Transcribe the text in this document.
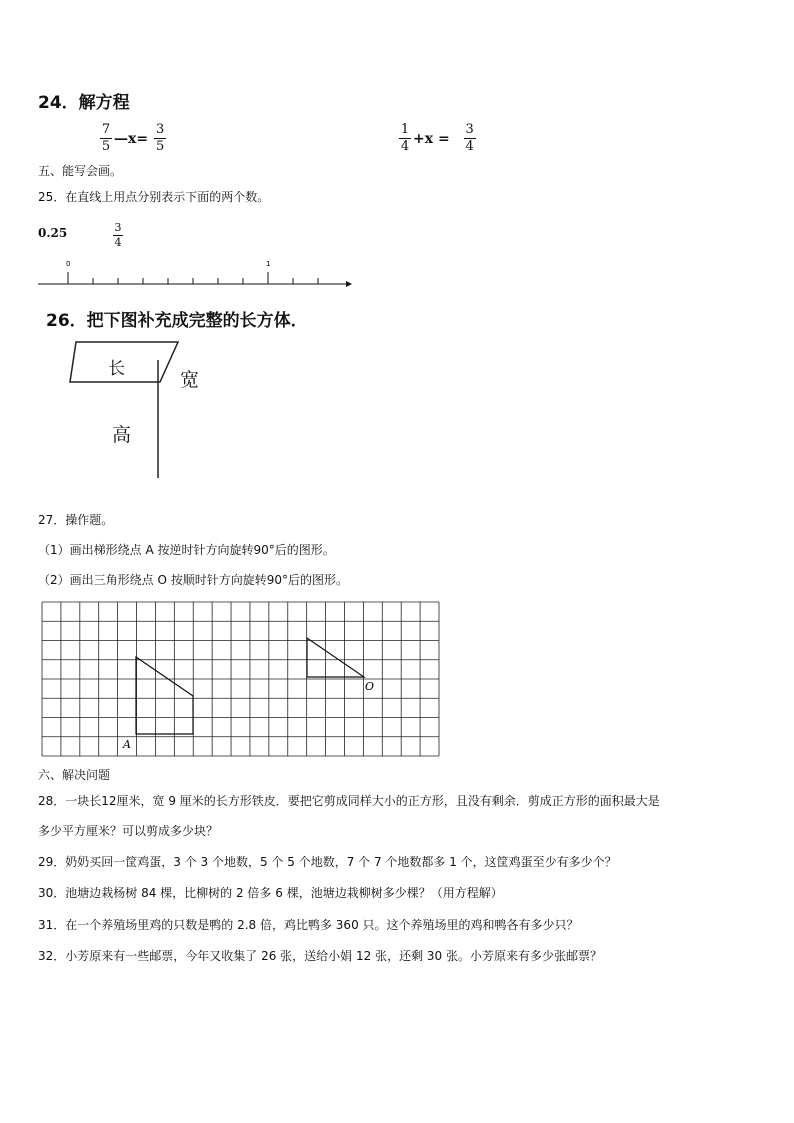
24．解方程
$\frac{7}{5}$ —x= $\frac{3}{5}$	$\frac{1}{4} +x = \frac{3}{4}$
五、能写会画。
25．在直线上用点分别表示下面的两个数。
0.25	$\frac{3}{4}$
0	1
26．把下图补充成完整的长方体．
长	宽
高
27．操作题。
（1）画出梯形绕点 A 按逆时针方向旋转90°后的图形。
（2）画出三角形绕点 O 按顺时针方向旋转90°后的图形。
A
O
六、解决问题
28．一块长12厘米，宽 9 厘米的长方形铁皮．要把它剪成同样大小的正方形，且没有剩余．剪成正方形的面积最大是
多少平方厘米？可以剪成多少块？
29．奶奶买回一筐鸡蛋，3 个 3 个地数，5 个 5 个地数，7 个 7 个地数都多 1 个，这筐鸡蛋至少有多少个？
30．池塘边栽杨树 84 棵，比柳树的 2 倍多 6 棵，池塘边栽柳树多少棵？（用方程解）
31．在一个养殖场里鸡的只数是鸭的 2.8 倍，鸡比鸭多 360 只。这个养殖场里的鸡和鸭各有多少只？
32．小芳原来有一些邮票，今年又收集了 26 张，送给小娟 12 张，还剩 30 张。小芳原来有多少张邮票？
